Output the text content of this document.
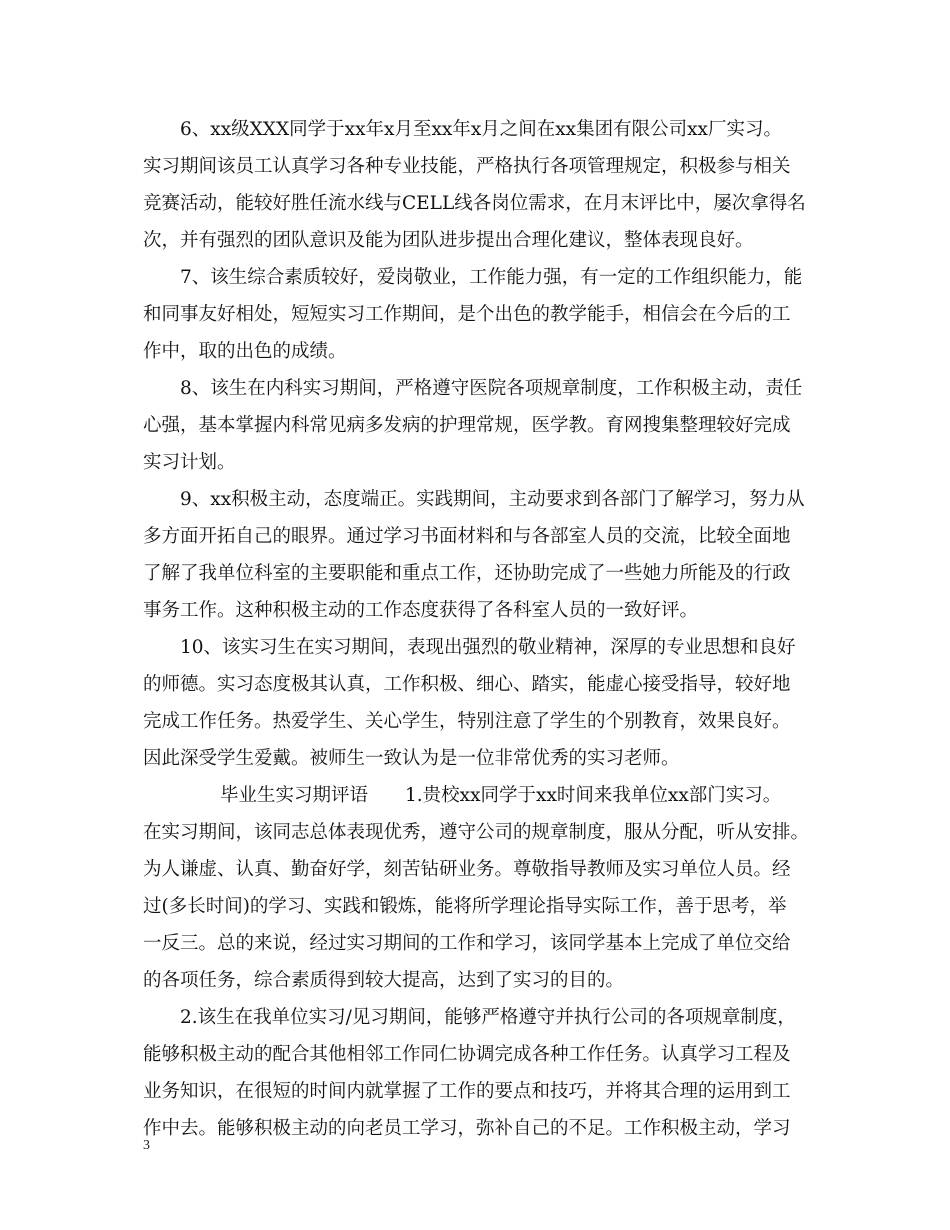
6、xx级XXX同学于xx年x月至xx年x月之间在xx集团有限公司xx厂实习。
实习期间该员工认真学习各种专业技能，严格执行各项管理规定，积极参与相关
竞赛活动，能较好胜任流水线与CELL线各岗位需求，在月末评比中，屡次拿得名
次，并有强烈的团队意识及能为团队进步提出合理化建议，整体表现良好。
7、该生综合素质较好，爱岗敬业，工作能力强，有一定的工作组织能力，能
和同事友好相处，短短实习工作期间，是个出色的教学能手，相信会在今后的工
作中，取的出色的成绩。
8、该生在内科实习期间，严格遵守医院各项规章制度，工作积极主动，责任
心强，基本掌握内科常见病多发病的护理常规，医学教。育网搜集整理较好完成
实习计划。
9、xx积极主动，态度端正。实践期间，主动要求到各部门了解学习，努力从
多方面开拓自己的眼界。通过学习书面材料和与各部室人员的交流，比较全面地
了解了我单位科室的主要职能和重点工作，还协助完成了一些她力所能及的行政
事务工作。这种积极主动的工作态度获得了各科室人员的一致好评。
10、该实习生在实习期间，表现出强烈的敬业精神，深厚的专业思想和良好
的师德。实习态度极其认真，工作积极、细心、踏实，能虚心接受指导，较好地
完成工作任务。热爱学生、关心学生，特别注意了学生的个别教育，效果良好。
因此深受学生爱戴。被师生一致认为是一位非常优秀的实习老师。
毕业生实习期评语　　1.贵校xx同学于xx时间来我单位xx部门实习。
在实习期间，该同志总体表现优秀，遵守公司的规章制度，服从分配，听从安排。
为人谦虚、认真、勤奋好学，刻苦钻研业务。尊敬指导教师及实习单位人员。经
过(多长时间)的学习、实践和锻炼，能将所学理论指导实际工作，善于思考，举
一反三。总的来说，经过实习期间的工作和学习，该同学基本上完成了单位交给
的各项任务，综合素质得到较大提高，达到了实习的目的。
2.该生在我单位实习/见习期间，能够严格遵守并执行公司的各项规章制度，
能够积极主动的配合其他相邻工作同仁协调完成各种工作任务。认真学习工程及
业务知识，在很短的时间内就掌握了工作的要点和技巧，并将其合理的运用到工
作中去。能够积极主动的向老员工学习，弥补自己的不足。工作积极主动，学习
3
